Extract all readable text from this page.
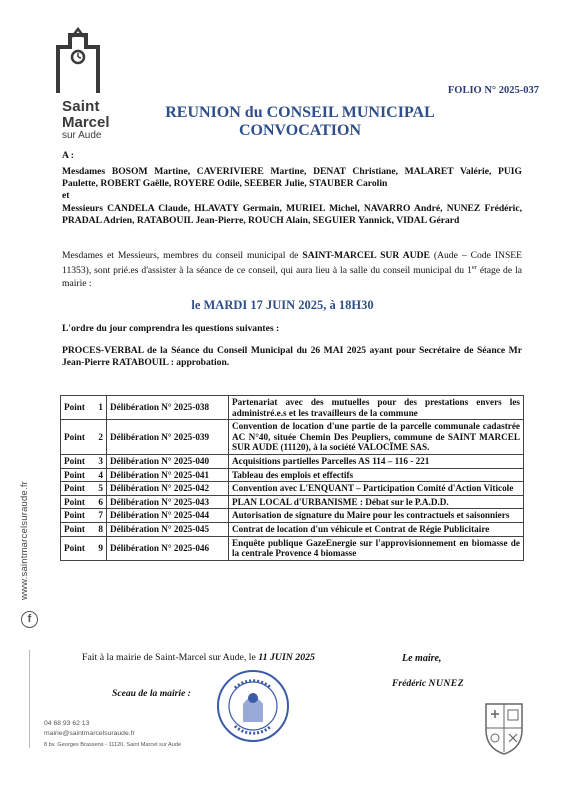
Saint
Marcel
sur Aude
FOLIO N° 2025-037
REUNION du CONSEIL MUNICIPAL
CONVOCATION
A :
Mesdames BOSOM Martine, CAVERIVIERE Martine, DENAT Christiane, MALARET Valérie, PUIG Paulette, ROBERT Gaëlle, ROYERE Odile, SEEBER Julie, STAUBER Carolin
et
Messieurs CANDELA Claude, HLAVATY Germain, MURIEL Michel, NAVARRO André, NUNEZ Frédéric, PRADAL Adrien, RATABOUIL Jean-Pierre, ROUCH Alain, SEGUIER Yannick, VIDAL Gérard
Mesdames et Messieurs, membres du conseil municipal de SAINT-MARCEL SUR AUDE (Aude – Code INSEE 11353), sont prié.es d'assister à la séance de ce conseil, qui aura lieu à la salle du conseil municipal du 1er étage de la mairie :
le MARDI 17 JUIN 2025, à 18H30
L'ordre du jour comprendra les questions suivantes :
PROCES-VERBAL de la Séance du Conseil Municipal du 26 MAI 2025 ayant pour Secrétaire de Séance Mr Jean-Pierre RATABOUIL : approbation.
Point 1	Délibération N° 2025-038	Partenariat avec des mutuelles pour des prestations envers les administré.e.s et les travailleurs de la commune
Point 2	Délibération N° 2025-039	Convention de location d'une partie de la parcelle communale cadastrée AC N°40, située Chemin Des Peupliers, commune de SAINT MARCEL SUR AUDE (11120), à la société VALOCÏME SAS.
Point 3	Délibération N° 2025-040	Acquisitions partielles Parcelles AS 114 – 116 - 221
Point 4	Délibération N° 2025-041	Tableau des emplois et effectifs
Point 5	Délibération N° 2025-042	Convention avec L'ENQUANT – Participation Comité d'Action Viticole
Point 6	Délibération N° 2025-043	PLAN LOCAL d'URBANISME : Débat sur le P.A.D.D.
Point 7	Délibération N° 2025-044	Autorisation de signature du Maire pour les contractuels et saisonniers
Point 8	Délibération N° 2025-045	Contrat de location d'un véhicule et Contrat de Régie Publicitaire
Point 9	Délibération N° 2025-046	Enquête publique GazeEnergie sur l'approvisionnement en biomasse de la centrale Provence 4 biomasse
www.saintmarcelsuraude.fr
f
Fait à la mairie de Saint-Marcel sur Aude, le 11 JUIN 2025	Le maire,
Sceau de la mairie :
Frédéric NUNEZ
04 68 93 62 13
mairie@saintmarcelsuraude.fr
8 bv. Georges Brassens - 11120, Saint Marcel sur Aude
